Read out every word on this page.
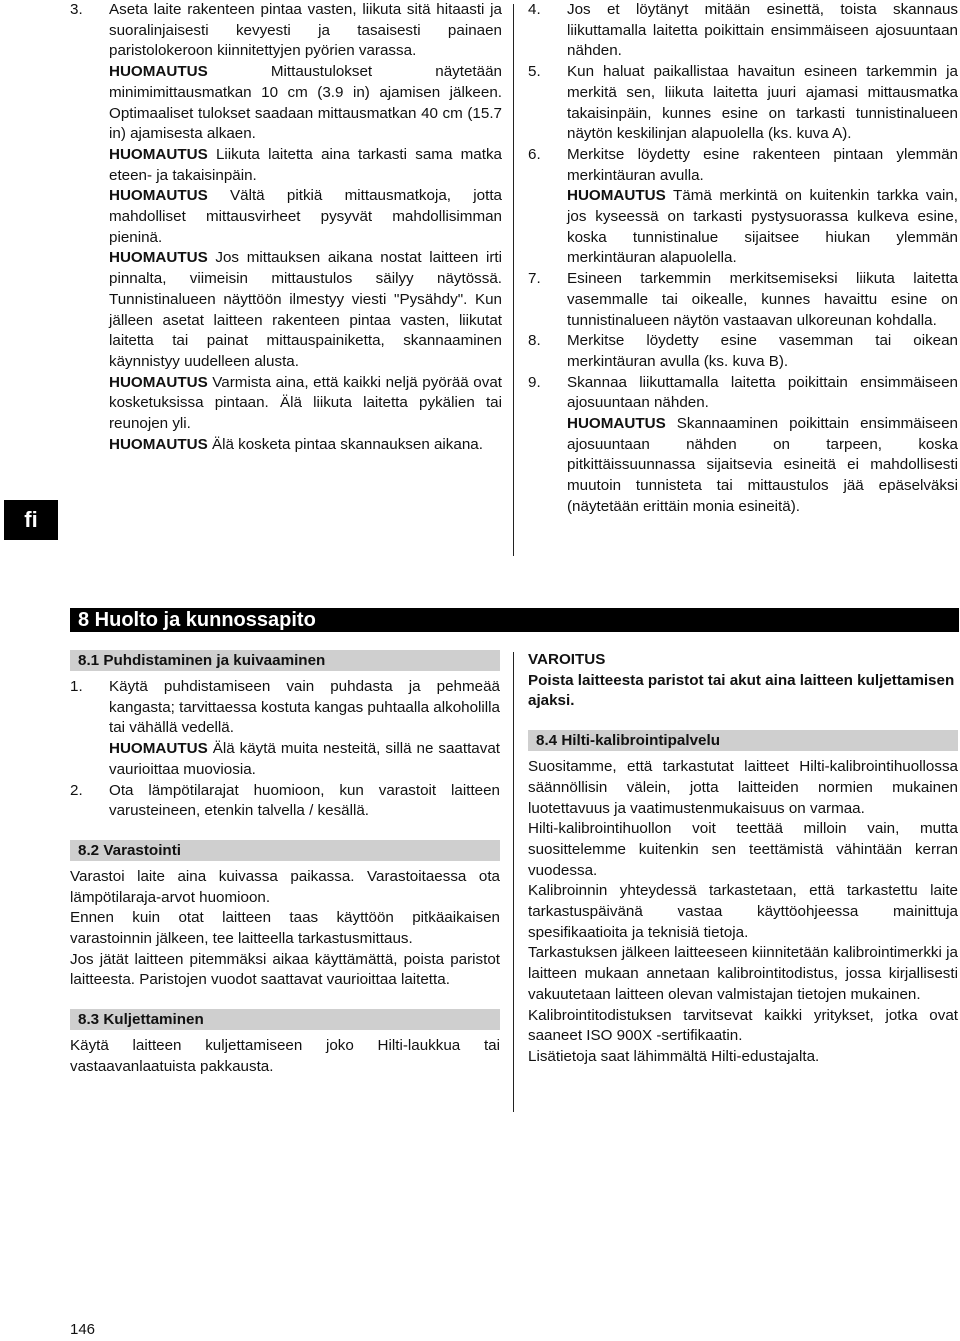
fi
3. Aseta laite rakenteen pintaa vasten, liikuta sitä hitaasti ja suoralinjaisesti kevyesti ja tasaisesti painaen paristolokeroon kiinnitettyjen pyörien varassa.

HUOMAUTUS Mittaustulokset näytetään minimimittausmatkan 10 cm (3.9 in) ajamisen jälkeen. Optimaaliset tulokset saadaan mittausmatkan 40 cm (15.7 in) ajamisesta alkaen.

HUOMAUTUS Liikuta laitetta aina tarkasti sama matka eteen- ja takaisinpäin.

HUOMAUTUS Vältä pitkiä mittausmatkoja, jotta mahdolliset mittausvirheet pysyvät mahdollisimman pieninä.

HUOMAUTUS Jos mittauksen aikana nostat laitteen irti pinnalta, viimeisin mittaustulos säilyy näytössä. Tunnistinalueen näyttöön ilmestyy viesti "Pysähdy". Kun jälleen asetat laitteen rakenteen pintaa vasten, liikutat laitetta tai painat mittauspainiketta, skannaaminen käynnistyy uudelleen alusta.

HUOMAUTUS Varmista aina, että kaikki neljä pyörää ovat kosketuksissa pintaan. Älä liikuta laitetta pykälien tai reunojen yli.

HUOMAUTUS Älä kosketa pintaa skannauksen aikana.

4. Jos et löytänyt mitään esinettä, toista skannaus liikuttamalla laitetta poikittain ensimmäiseen ajosuuntaan nähden.

5. Kun haluat paikallistaa havaitun esineen tarkemmin ja merkitä sen, liikuta laitetta juuri ajamasi mittausmatka takaisinpäin, kunnes esine on tarkasti tunnistinalueen näytön keskilinjan alapuolella (ks. kuva A).

6. Merkitse löydetty esine rakenteen pintaan ylemmän merkintäuran avulla.

HUOMAUTUS Tämä merkintä on kuitenkin tarkka vain, jos kyseessä on tarkasti pystysuorassa kulkeva esine, koska tunnistinalue sijaitsee hiukan ylemmän merkintäuran alapuolella.

7. Esineen tarkemmin merkitsemiseksi liikuta laitetta vasemmalle tai oikealle, kunnes havaittu esine on tunnistinalueen näytön vastaavan ulkoreunan kohdalla.

8. Merkitse löydetty esine vasemman tai oikean merkintäuran avulla (ks. kuva B).

9. Skannaa liikuttamalla laitetta poikittain ensimmäiseen ajosuuntaan nähden.

HUOMAUTUS Skannaaminen poikittain ensimmäiseen ajosuuntaan nähden on tarpeen, koska pitkittäissuunnassa sijaitsevia esineitä ei mahdollisesti muutoin tunnisteta tai mittaustulos jää epäselväksi (näytetään erittäin monia esineitä).

8 Huolto ja kunnossapito
8.1 Puhdistaminen ja kuivaaminen
1. Käytä puhdistamiseen vain puhdasta ja pehmeää kangasta; tarvittaessa kostuta kangas puhtaalla alkoholilla tai vähällä vedellä.

HUOMAUTUS Älä käytä muita nesteitä, sillä ne saattavat vaurioittaa muoviosia.

2. Ota lämpötilarajat huomioon, kun varastoit laitteen varusteineen, etenkin talvella / kesällä.

8.2 Varastointi

Varastoi laite aina kuivassa paikassa. Varastoitaessa ota lämpötilaraja-arvot huomioon.

Ennen kuin otat laitteen taas käyttöön pitkäaikaisen varastoinnin jälkeen, tee laitteella tarkastusmittaus.

Jos jätät laitteen pitemmäksi aikaa käyttämättä, poista paristot laitteesta. Paristojen vuodot saattavat vaurioittaa laitetta.

8.3 Kuljettaminen

Käytä laitteen kuljettamiseen joko Hilti-laukkua tai vastaavanlaatuista pakkausta.

VAROITUS

Poista laitteesta paristot tai akut aina laitteen kuljettamisen ajaksi.

8.4 Hilti-kalibrointipalvelu

Suositamme, että tarkastutat laitteet Hilti-kalibrointihuollossa säännöllisin välein, jotta laitteiden normien mukainen luotettavuus ja vaatimustenmukaisuus on varmaa.

Hilti-kalibrointihuollon voit teettää milloin vain, mutta suosittelemme kuitenkin sen teettämistä vähintään kerran vuodessa.

Kalibroinnin yhteydessä tarkastetaan, että tarkastettu laite tarkastuspäivänä vastaa käyttöohjeessa mainittuja spesifikaatioita ja teknisiä tietoja.

Tarkastuksen jälkeen laitteeseen kiinnitetään kalibrointimerkki ja laitteen mukaan annetaan kalibrointitodistus, jossa kirjallisesti vakuutetaan laitteen olevan valmistajan tietojen mukainen.

Kalibrointitodistuksen tarvitsevat kaikki yritykset, jotka ovat saaneet ISO 900X -sertifikaatin.

Lisätietoja saat lähimmältä Hilti-edustajalta.

146
